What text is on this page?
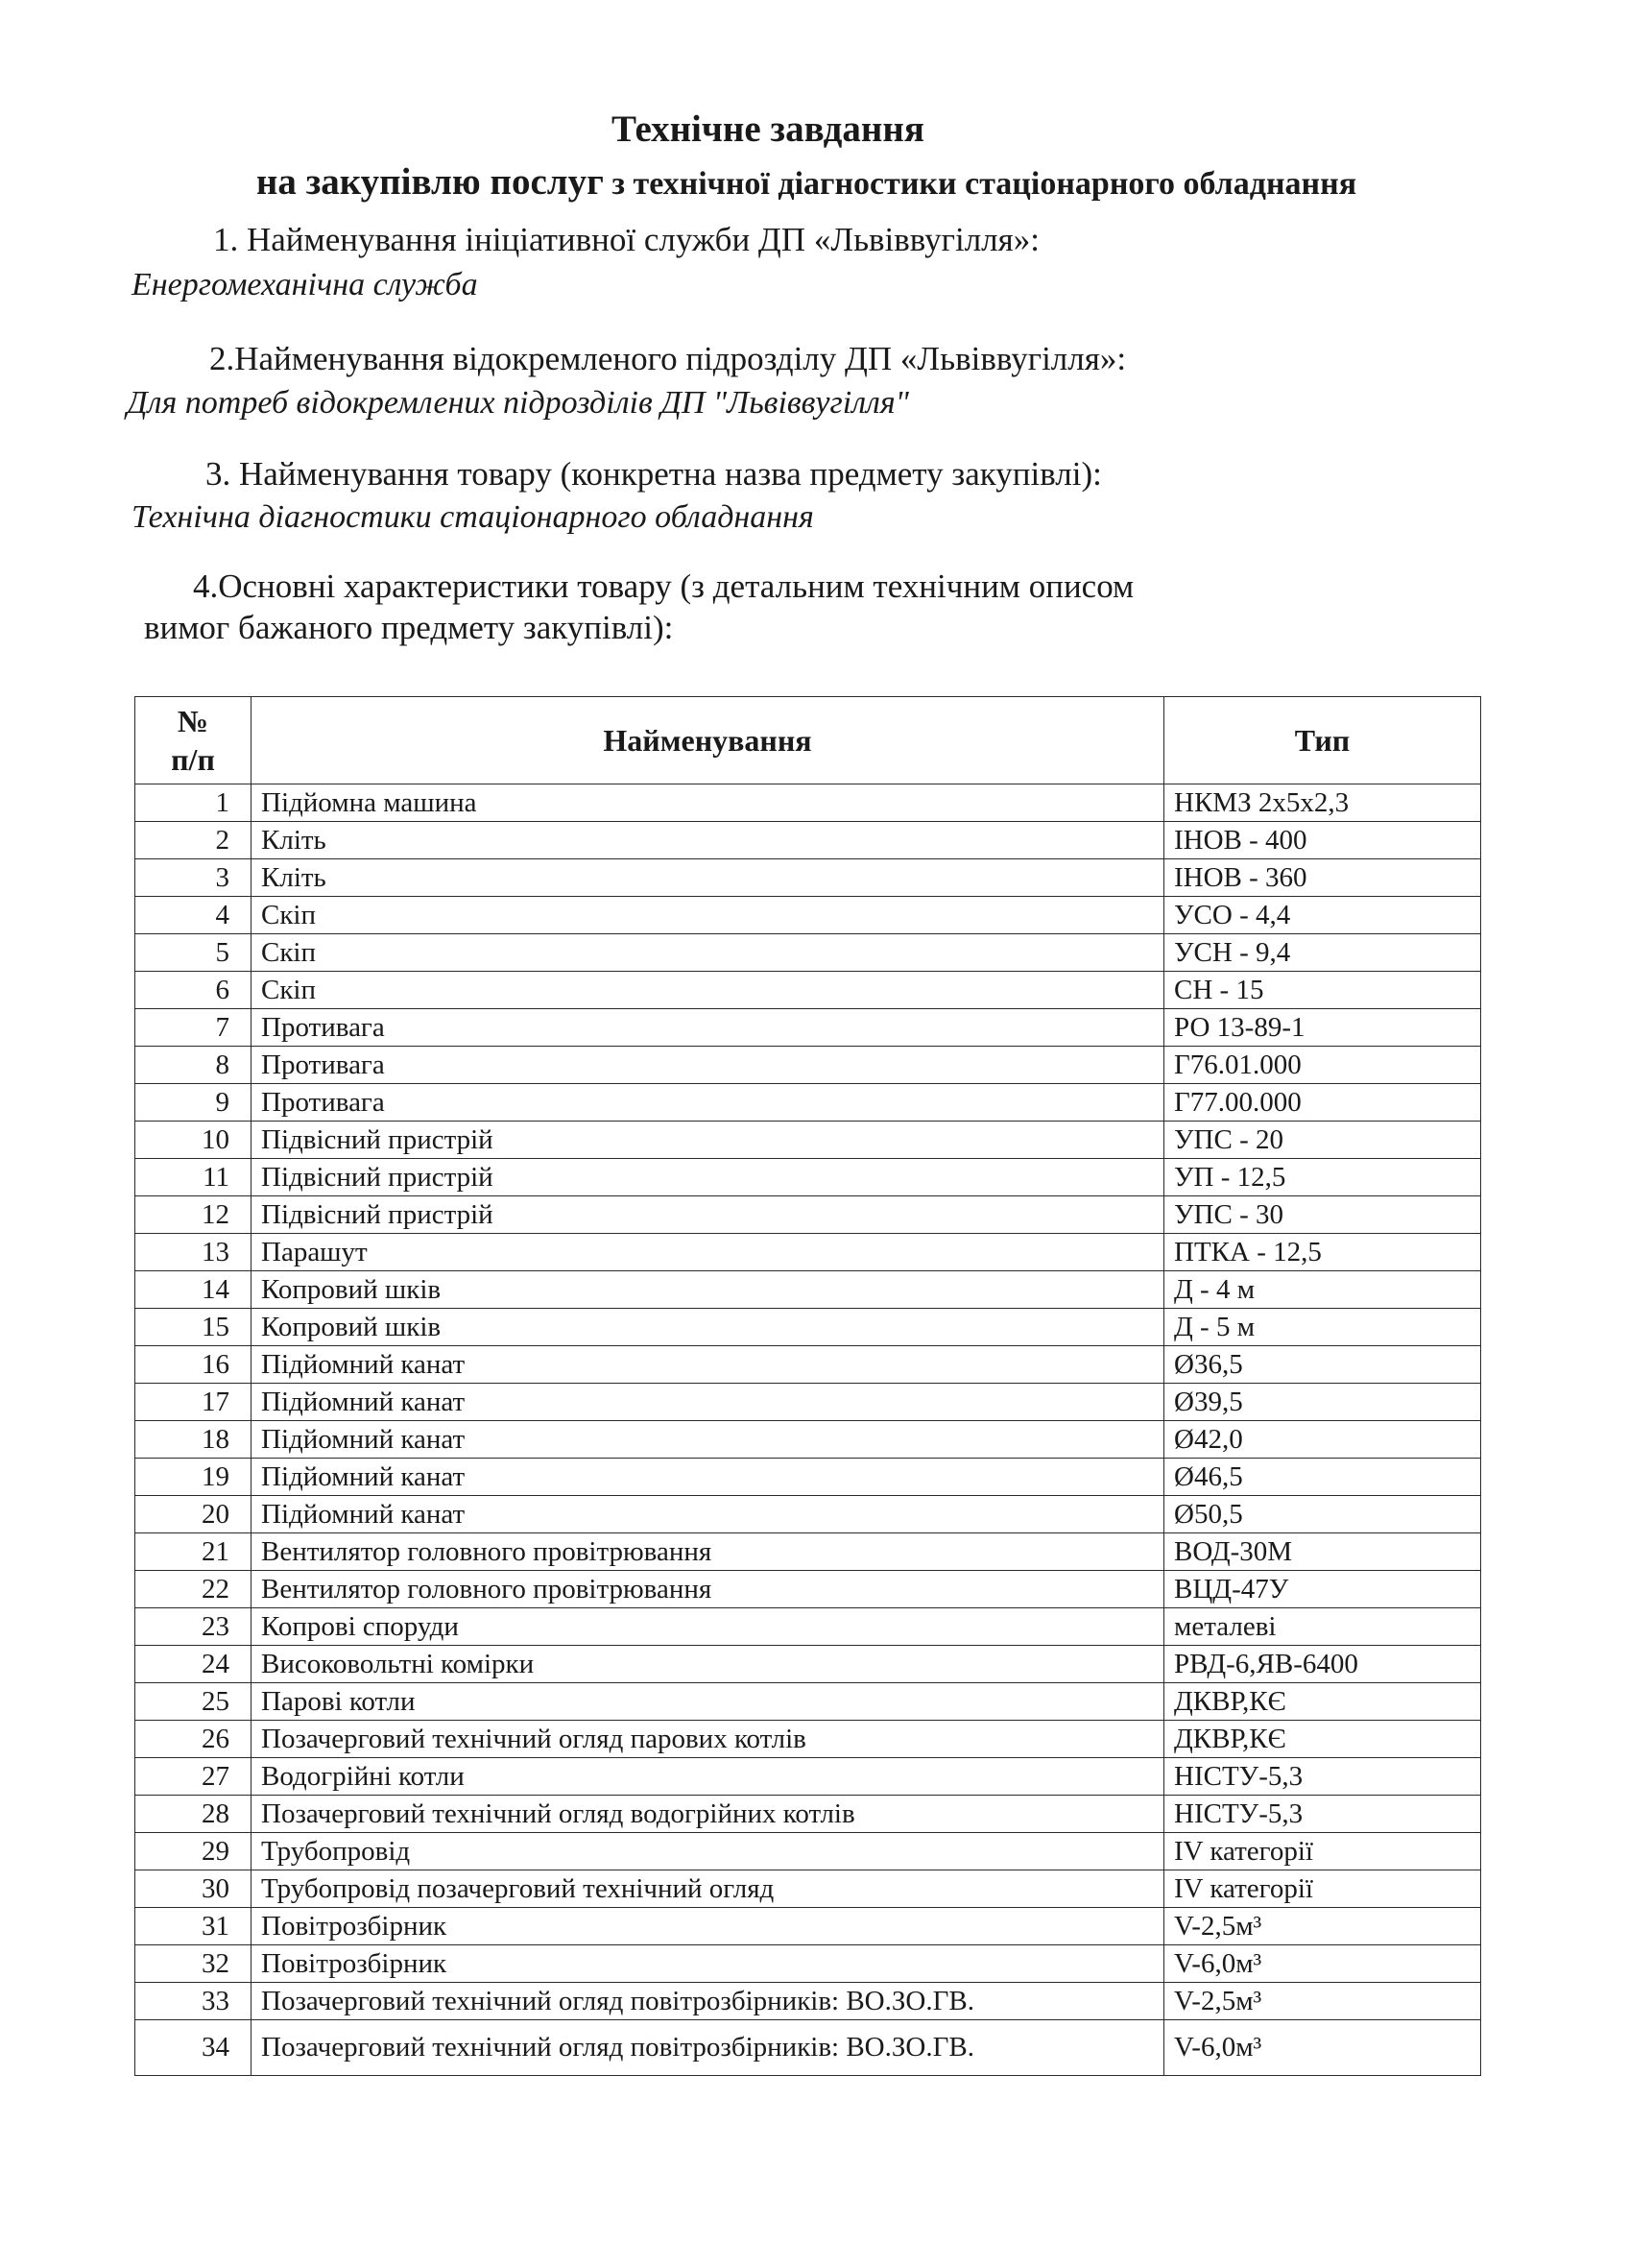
Технічне завдання
на закупівлю послуг з технічної діагностики стаціонарного обладнання
1. Найменування ініціативної служби ДП «Львіввугілля»:
Енергомеханічна служба
2.Найменування відокремленого підрозділу ДП «Львіввугілля»:
Для потреб відокремлених підрозділів ДП "Львіввугілля"
3. Найменування товару (конкретна назва предмету закупівлі):
Технічна діагностики стаціонарного обладнання
4.Основні характеристики товару (з детальним технічним описом
вимог бажаного предмету закупівлі):
№
п/п	Найменування	Тип
1	Підйомна машина	НКМЗ 2х5х2,3
2	Кліть	ІНОВ - 400
3	Кліть	ІНОВ - 360
4	Скіп	УСО - 4,4
5	Скіп	УСН - 9,4
6	Скіп	СН - 15
7	Противага	РО 13-89-1
8	Противага	Г76.01.000
9	Противага	Г77.00.000
10	Підвісний пристрій	УПС - 20
11	Підвісний пристрій	УП - 12,5
12	Підвісний пристрій	УПС - 30
13	Парашут	ПТКА - 12,5
14	Копровий шків	Д - 4 м
15	Копровий шків	Д - 5 м
16	Підйомний канат	Ø36,5
17	Підйомний канат	Ø39,5
18	Підйомний канат	Ø42,0
19	Підйомний канат	Ø46,5
20	Підйомний канат	Ø50,5
21	Вентилятор головного провітрювання	ВОД-30М
22	Вентилятор головного провітрювання	ВЦД-47У
23	Копрові споруди	металеві
24	Високовольтні комірки	РВД-6,ЯВ-6400
25	Парові котли	ДКВР,КЄ
26	Позачерговий технічний огляд парових котлів	ДКВР,КЄ
27	Водогрійні котли	НІСТУ-5,3
28	Позачерговий технічний огляд водогрійних котлів	НІСТУ-5,3
29	Трубопровід	IV категорії
30	Трубопровід позачерговий технічний огляд	IV категорії
31	Повітрозбірник	V-2,5м³
32	Повітрозбірник	V-6,0м³
33	Позачерговий технічний огляд повітрозбірників: ВО.ЗО.ГВ.	V-2,5м³
34	Позачерговий технічний огляд повітрозбірників: ВО.ЗО.ГВ.	V-6,0м³
